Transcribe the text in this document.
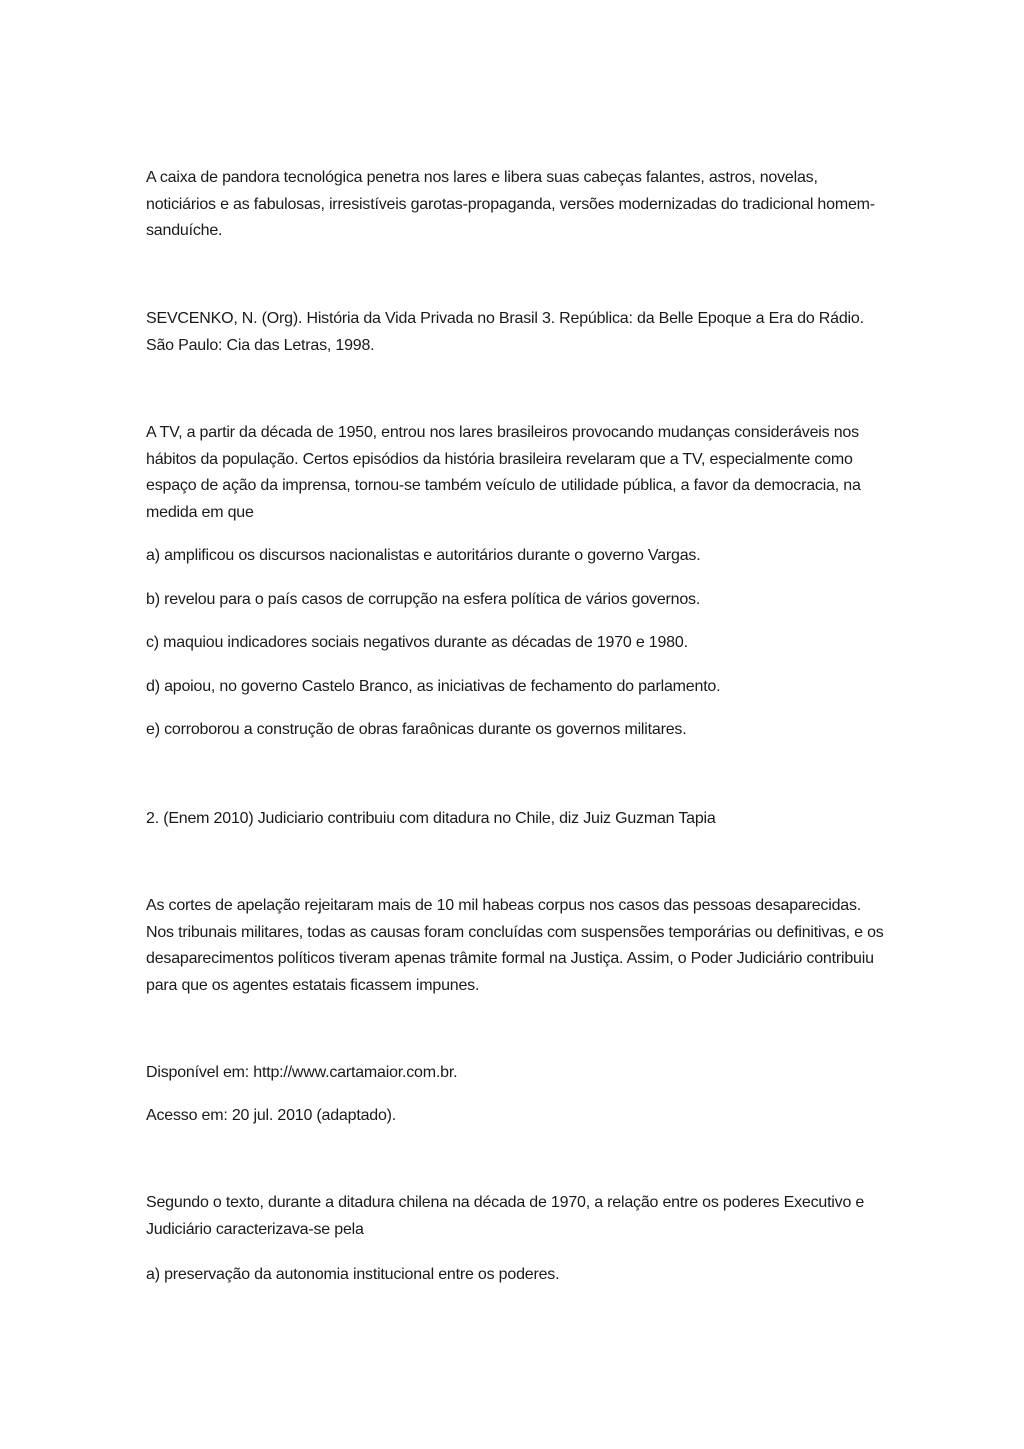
A caixa de pandora tecnológica penetra nos lares e libera suas cabeças falantes, astros, novelas, noticiários e as fabulosas, irresistíveis garotas-propaganda, versões modernizadas do tradicional homem-sanduíche.

SEVCENKO, N. (Org). História da Vida Privada no Brasil 3. República: da Belle Epoque a Era do Rádio. São Paulo: Cia das Letras, 1998.

A TV, a partir da década de 1950, entrou nos lares brasileiros provocando mudanças consideráveis nos hábitos da população. Certos episódios da história brasileira revelaram que a TV, especialmente como espaço de ação da imprensa, tornou-se também veículo de utilidade pública, a favor da democracia, na medida em que

a) amplificou os discursos nacionalistas e autoritários durante o governo Vargas.

b) revelou para o país casos de corrupção na esfera política de vários governos.

c) maquiou indicadores sociais negativos durante as décadas de 1970 e 1980.

d) apoiou, no governo Castelo Branco, as iniciativas de fechamento do parlamento.

e) corroborou a construção de obras faraônicas durante os governos militares.

2. (Enem 2010) Judiciario contribuiu com ditadura no Chile, diz Juiz Guzman Tapia

As cortes de apelação rejeitaram mais de 10 mil habeas corpus nos casos das pessoas desaparecidas. Nos tribunais militares, todas as causas foram concluídas com suspensões temporárias ou definitivas, e os desaparecimentos políticos tiveram apenas trâmite formal na Justiça. Assim, o Poder Judiciário contribuiu para que os agentes estatais ficassem impunes.

Disponível em: http://www.cartamaior.com.br.

Acesso em: 20 jul. 2010 (adaptado).

Segundo o texto, durante a ditadura chilena na década de 1970, a relação entre os poderes Executivo e Judiciário caracterizava-se pela

a) preservação da autonomia institucional entre os poderes.
